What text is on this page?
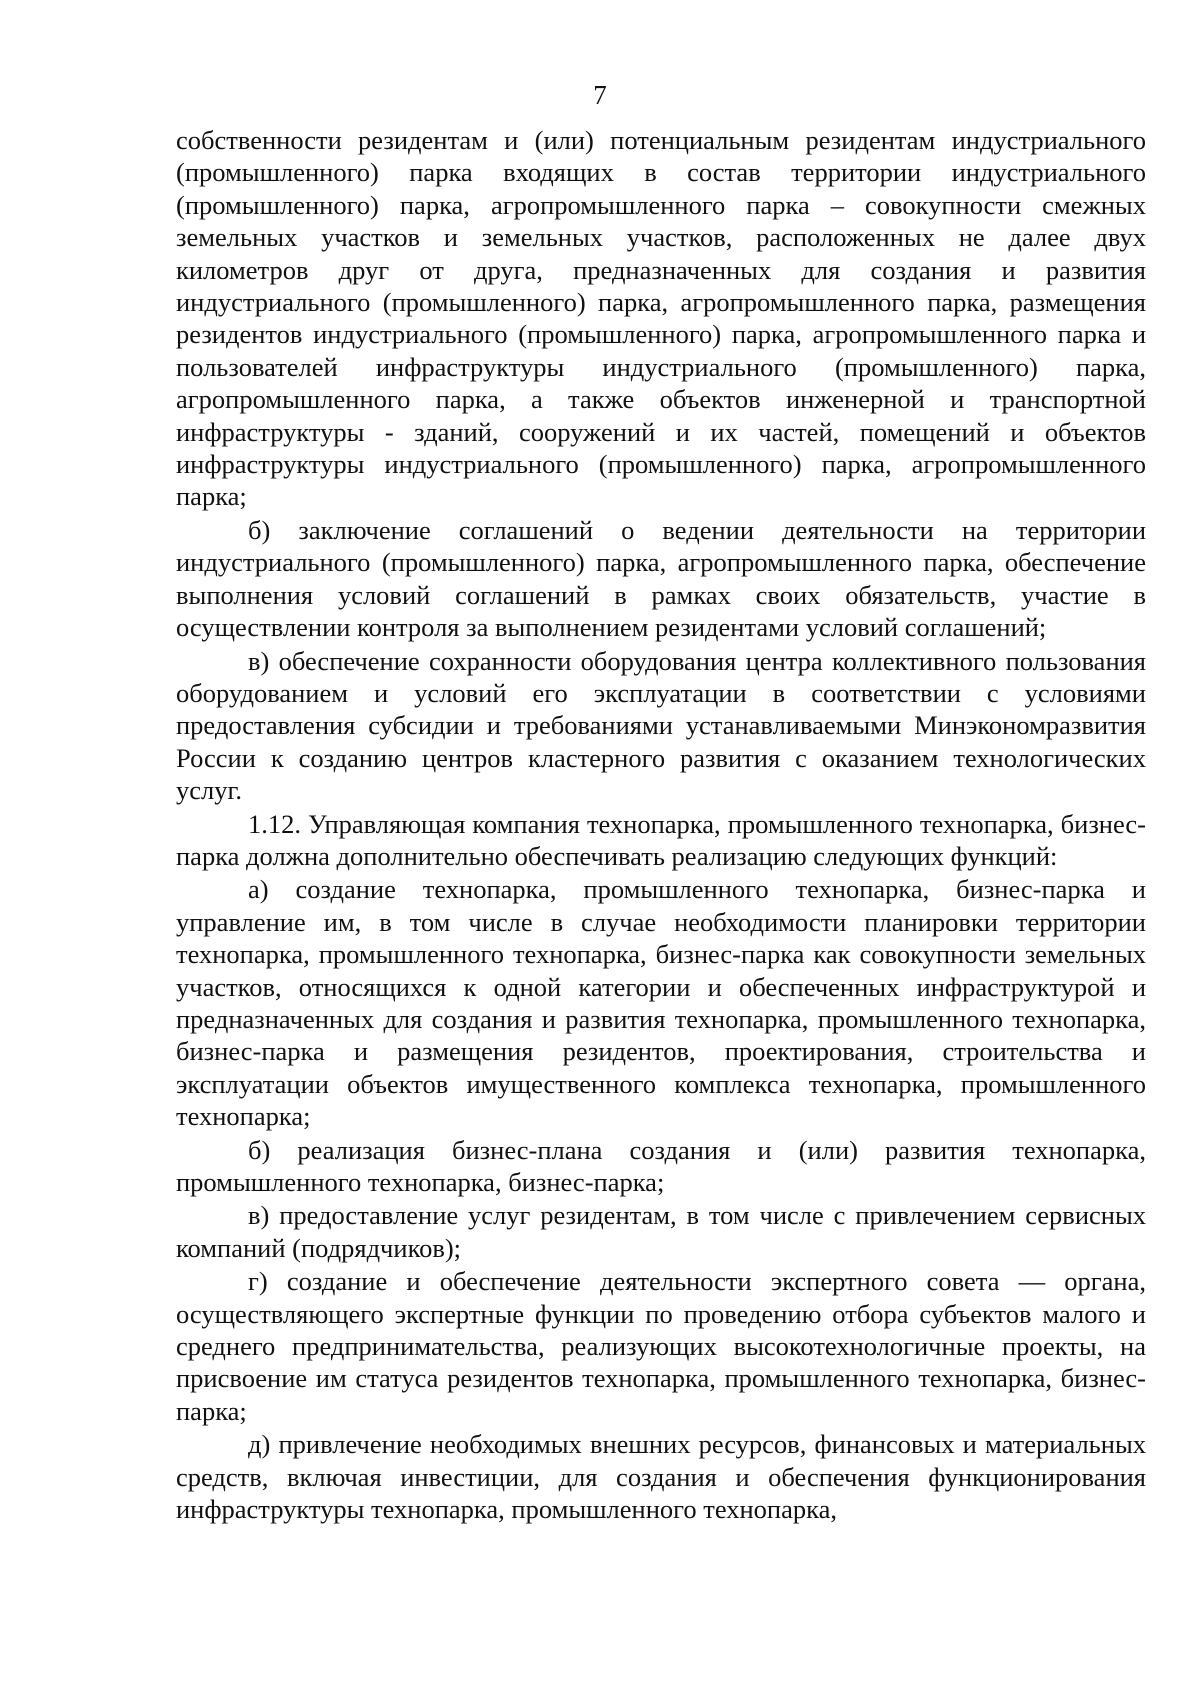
7

собственности резидентам и (или) потенциальным резидентам индустриального (промышленного) парка входящих в состав территории индустриального (промышленного) парка, агропромышленного парка – совокупности смежных земельных участков и земельных участков, расположенных не далее двух километров друг от друга, предназначенных для создания и развития индустриального (промышленного) парка, агропромышленного парка, размещения резидентов индустриального (промышленного) парка, агропромышленного парка и пользователей инфраструктуры индустриального (промышленного) парка, агропромышленного парка, а также объектов инженерной и транспортной инфраструктуры - зданий, сооружений и их частей, помещений и объектов инфраструктуры индустриального (промышленного) парка, агропромышленного парка;

б) заключение соглашений о ведении деятельности на территории индустриального (промышленного) парка, агропромышленного парка, обеспечение выполнения условий соглашений в рамках своих обязательств, участие в осуществлении контроля за выполнением резидентами условий соглашений;

в) обеспечение сохранности оборудования центра коллективного пользования оборудованием и условий его эксплуатации в соответствии с условиями предоставления субсидии и требованиями устанавливаемыми Минэкономразвития России к созданию центров кластерного развития с оказанием технологических услуг.

1.12. Управляющая компания технопарка, промышленного технопарка, бизнес-парка должна дополнительно обеспечивать реализацию следующих функций:

а) создание технопарка, промышленного технопарка, бизнес-парка и управление им, в том числе в случае необходимости планировки территории технопарка, промышленного технопарка, бизнес-парка как совокупности земельных участков, относящихся к одной категории и обеспеченных инфраструктурой и предназначенных для создания и развития технопарка, промышленного технопарка, бизнес-парка и размещения резидентов, проектирования, строительства и эксплуатации объектов имущественного комплекса технопарка, промышленного технопарка;

б) реализация бизнес-плана создания и (или) развития технопарка, промышленного технопарка, бизнес-парка;

в) предоставление услуг резидентам, в том числе с привлечением сервисных компаний (подрядчиков);

г) создание и обеспечение деятельности экспертного совета — органа, осуществляющего экспертные функции по проведению отбора субъектов малого и среднего предпринимательства, реализующих высокотехнологичные проекты, на присвоение им статуса резидентов технопарка, промышленного технопарка, бизнес-парка;

д) привлечение необходимых внешних ресурсов, финансовых и материальных средств, включая инвестиции, для создания и обеспечения функционирования инфраструктуры технопарка, промышленного технопарка,
